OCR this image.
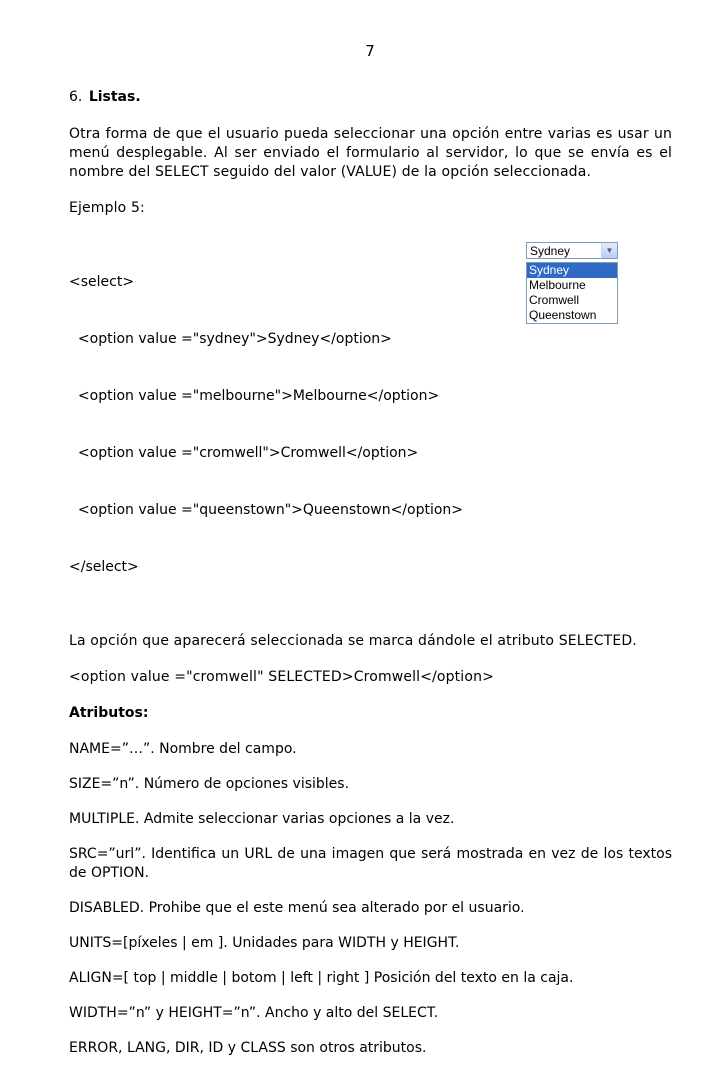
7
6. Listas.
Otra forma de que el usuario pueda seleccionar una opción entre varias es usar un menú desplegable. Al ser enviado el formulario al servidor, lo que se envía es el nombre del SELECT seguido del valor (VALUE) de la opción seleccionada.
Ejemplo 5:

<select>

<option value ="sydney">Sydney</option>

<option value ="melbourne">Melbourne</option>

<option value ="cromwell">Cromwell</option>

<option value ="queenstown">Queenstown</option>

</select>

La opción que aparecerá seleccionada se marca dándole el atributo SELECTED.
<option value ="cromwell" SELECTED>Cromwell</option>
Atributos:
NAME=”…”. Nombre del campo.
SIZE=”n”. Número de opciones visibles.
MULTIPLE. Admite seleccionar varias opciones a la vez.
SRC=”url”. Identifica un URL de una imagen que será mostrada en vez de los textos de OPTION.
DISABLED. Prohibe que el este menú sea alterado por el usuario.
UNITS=[píxeles | em ]. Unidades para WIDTH y HEIGHT.
ALIGN=[ top | middle | botom | left | right ] Posición del texto en la caja.
WIDTH=”n” y HEIGHT=”n”. Ancho y alto del SELECT.
ERROR, LANG, DIR, ID y CLASS son otros atributos.
Sydney	▼
Sydney
Melbourne
Cromwell
Queenstown
